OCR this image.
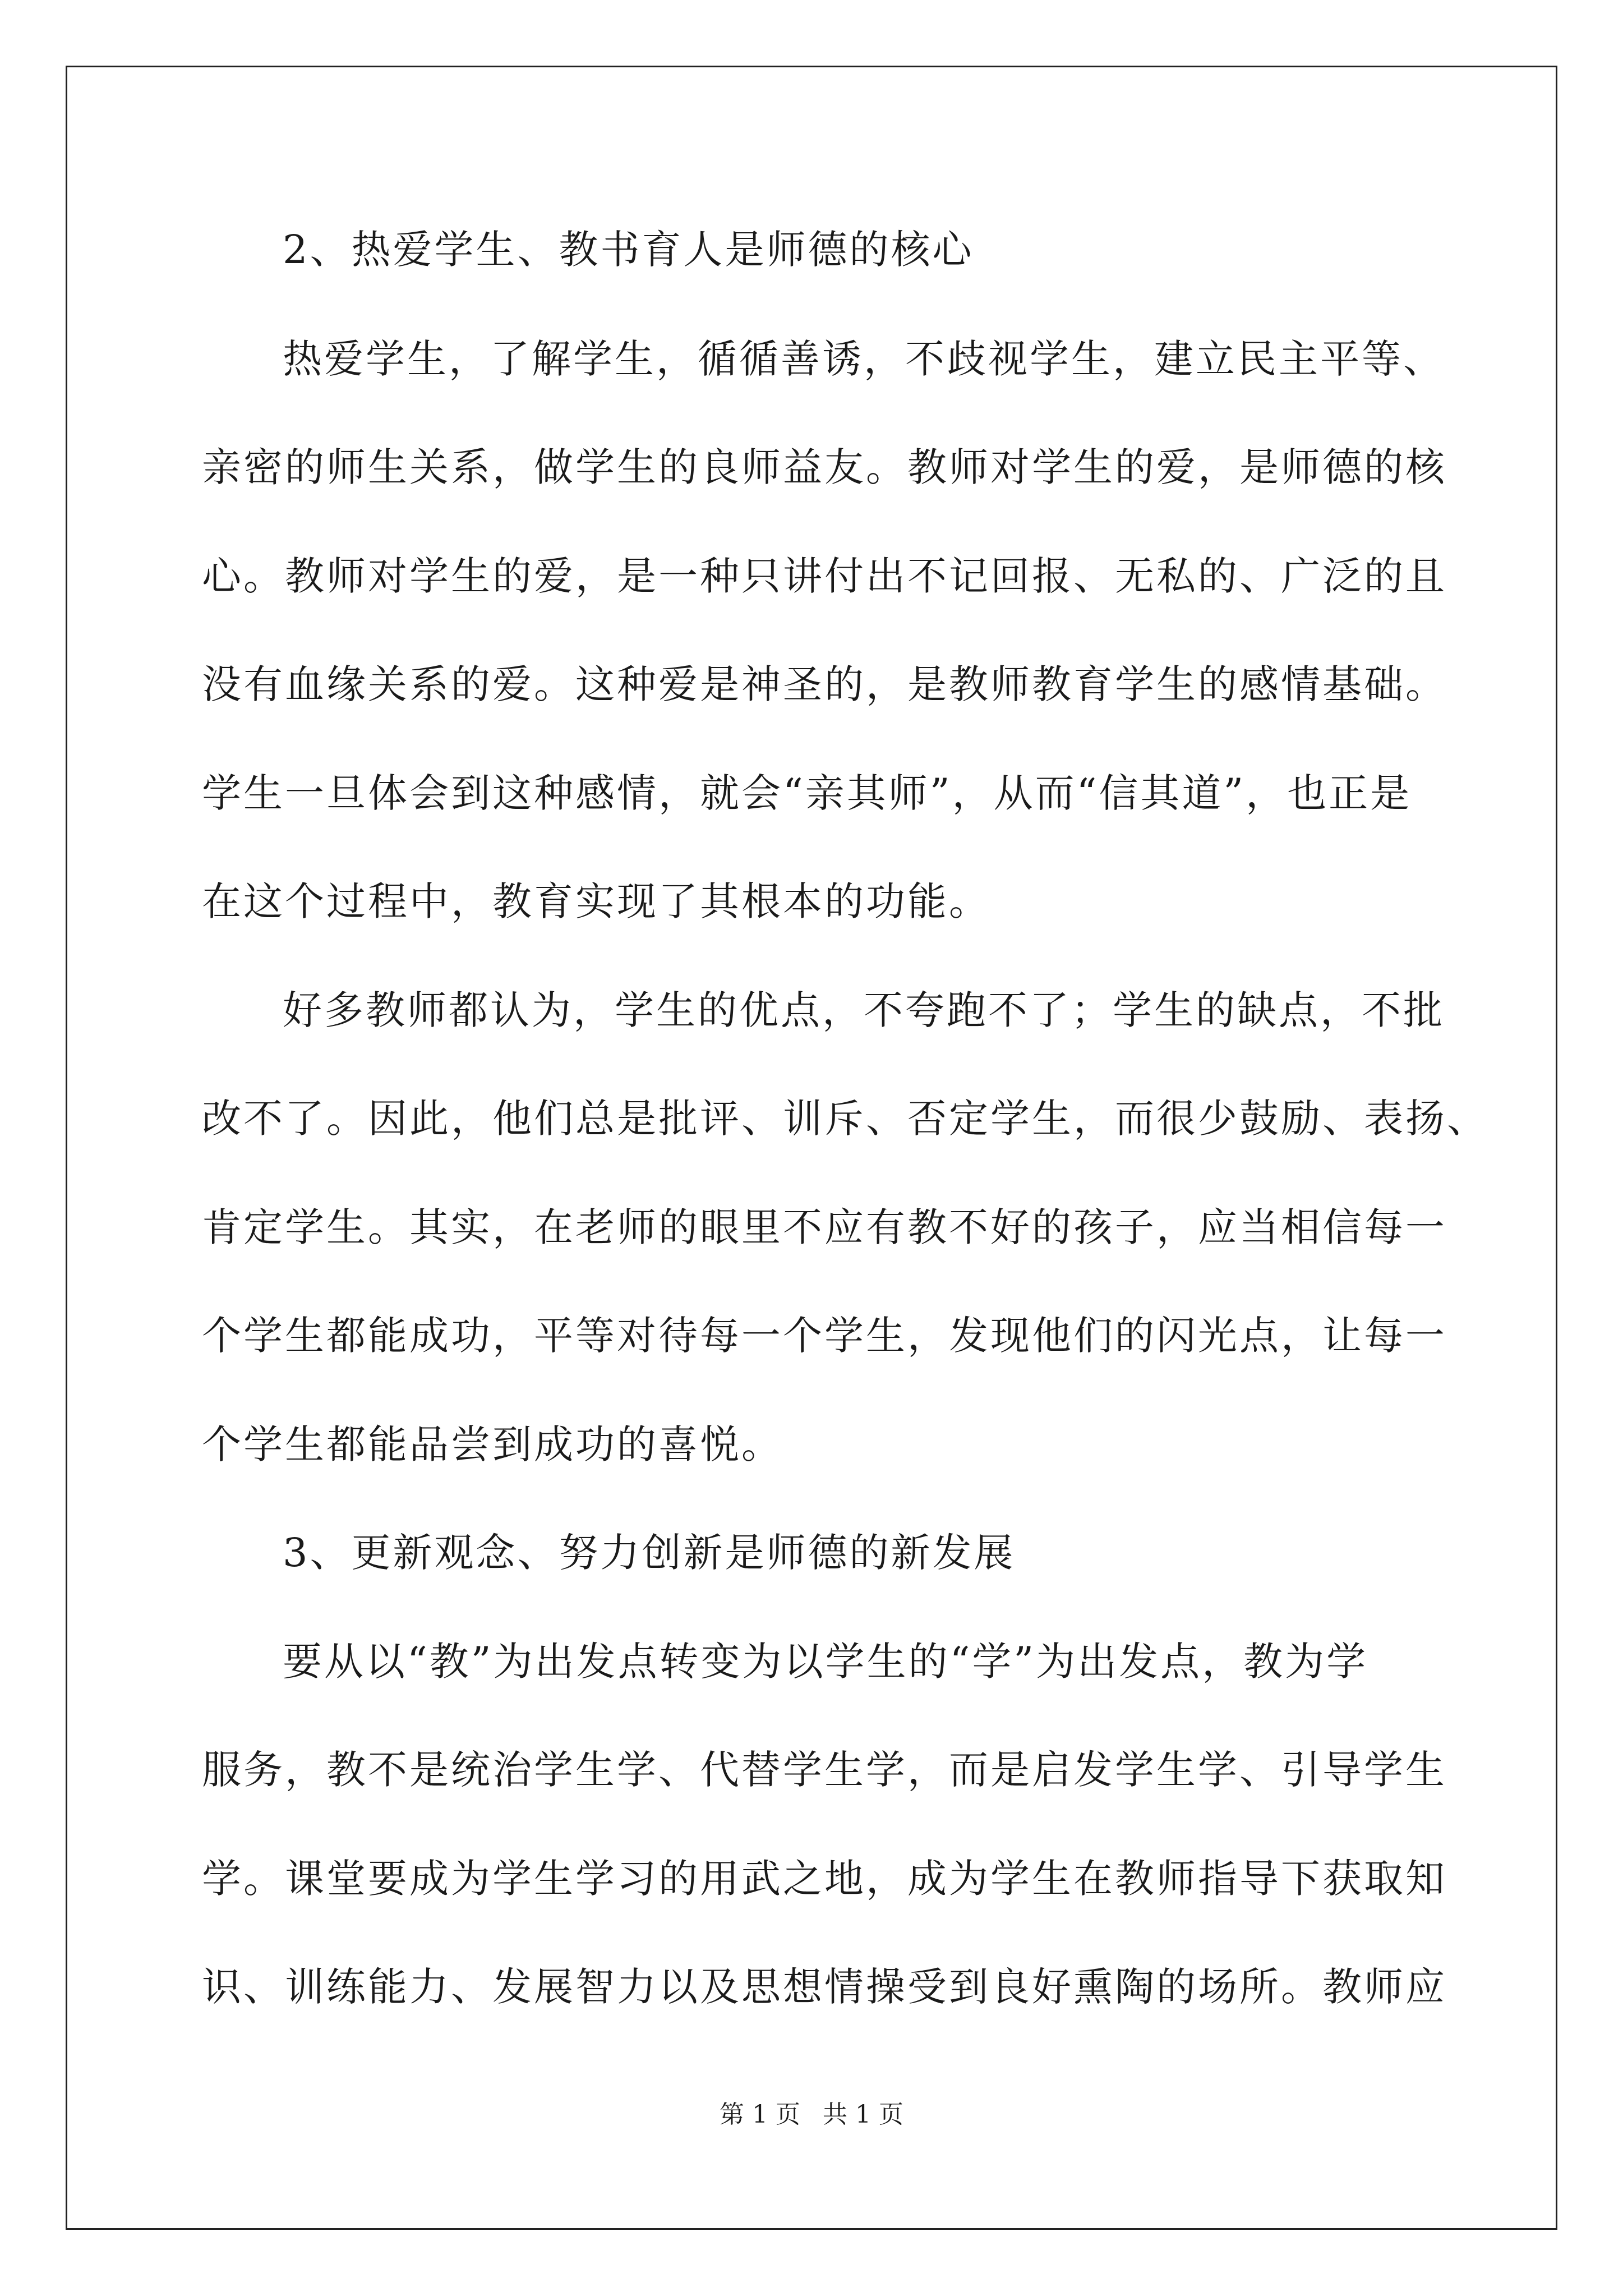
2、热爱学生、教书育人是师德的核心
热爱学生，了解学生，循循善诱，不歧视学生，建立民主平等、
亲密的师生关系，做学生的良师益友。教师对学生的爱，是师德的核
心。教师对学生的爱，是一种只讲付出不记回报、无私的、广泛的且
没有血缘关系的爱。这种爱是神圣的，是教师教育学生的感情基础。
学生一旦体会到这种感情，就会“亲其师”，从而“信其道”，也正是
在这个过程中，教育实现了其根本的功能。
好多教师都认为，学生的优点，不夸跑不了；学生的缺点，不批
改不了。因此，他们总是批评、训斥、否定学生，而很少鼓励、表扬、
肯定学生。其实，在老师的眼里不应有教不好的孩子，应当相信每一
个学生都能成功，平等对待每一个学生，发现他们的闪光点，让每一
个学生都能品尝到成功的喜悦。
3、更新观念、努力创新是师德的新发展
要从以“教”为出发点转变为以学生的“学”为出发点，教为学
服务，教不是统治学生学、代替学生学，而是启发学生学、引导学生
学。课堂要成为学生学习的用武之地，成为学生在教师指导下获取知
识、训练能力、发展智力以及思想情操受到良好熏陶的场所。教师应
第 1 页 共 1 页
